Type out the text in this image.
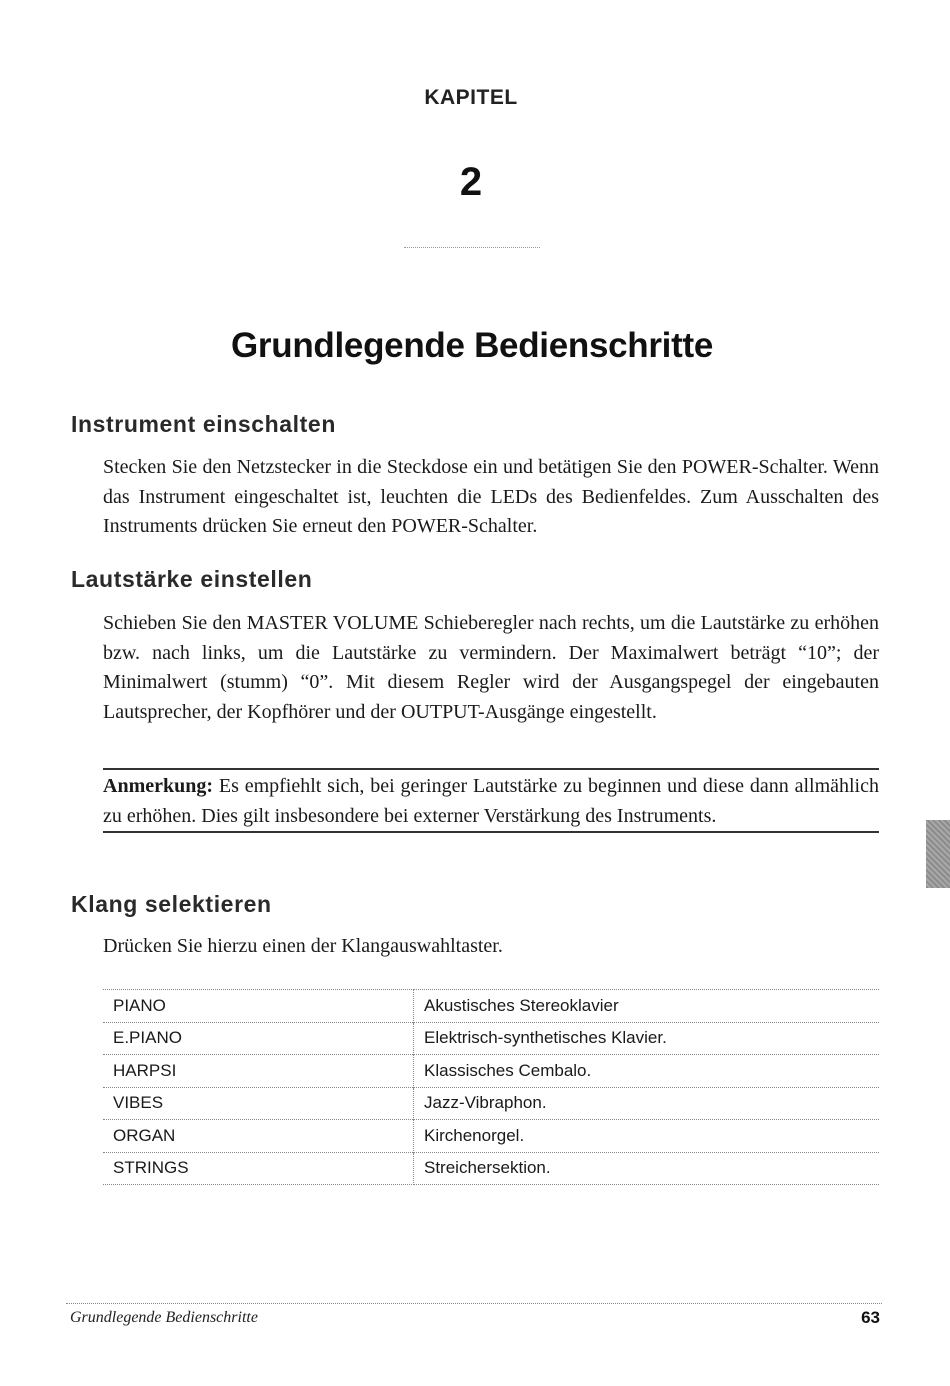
KAPITEL
2
Grundlegende Bedienschritte
Instrument einschalten

Stecken Sie den Netzstecker in die Steckdose ein und betätigen Sie den POWER-Schalter. Wenn das Instrument eingeschaltet ist, leuchten die LEDs des Bedienfeldes. Zum Ausschalten des Instruments drücken Sie erneut den POWER-Schalter.

Lautstärke einstellen

Schieben Sie den MASTER VOLUME Schieberegler nach rechts, um die Lautstärke zu erhöhen bzw. nach links, um die Lautstärke zu vermindern. Der Maximalwert beträgt “10”; der Minimalwert (stumm) “0”. Mit diesem Regler wird der Ausgangspegel der eingebauten Lautsprecher, der Kopfhörer und der OUTPUT-Ausgänge eingestellt.

Anmerkung: Es empfiehlt sich, bei geringer Lautstärke zu beginnen und diese dann allmählich zu erhöhen. Dies gilt insbesondere bei externer Verstärkung des Instruments.
Klang selektieren

Drücken Sie hierzu einen der Klangauswahltaster.

PIANO	Akustisches Stereoklavier
E.PIANO	Elektrisch-synthetisches Klavier.
HARPSI	Klassisches Cembalo.
VIBES	Jazz-Vibraphon.
ORGAN	Kirchenorgel.
STRINGS	Streichersektion.
Grundlegende Bedienschritte	63
